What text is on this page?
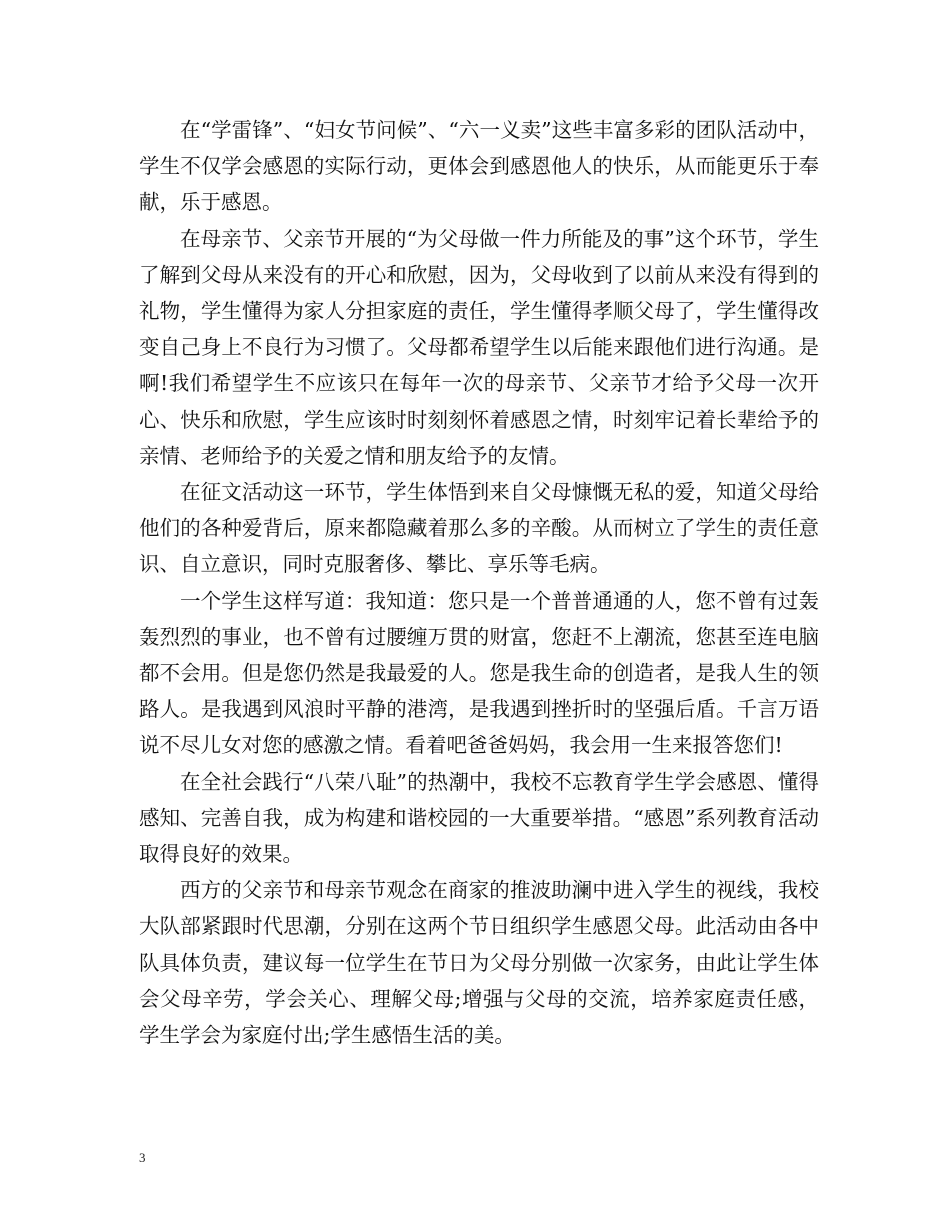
在“学雷锋”、“妇女节问候”、“六一义卖”这些丰富多彩的团队活动中，学生不仅学会感恩的实际行动，更体会到感恩他人的快乐，从而能更乐于奉献，乐于感恩。

在母亲节、父亲节开展的“为父母做一件力所能及的事”这个环节，学生了解到父母从来没有的开心和欣慰，因为，父母收到了以前从来没有得到的礼物，学生懂得为家人分担家庭的责任，学生懂得孝顺父母了，学生懂得改变自己身上不良行为习惯了。父母都希望学生以后能来跟他们进行沟通。是啊!我们希望学生不应该只在每年一次的母亲节、父亲节才给予父母一次开心、快乐和欣慰，学生应该时时刻刻怀着感恩之情，时刻牢记着长辈给予的亲情、老师给予的关爱之情和朋友给予的友情。

在征文活动这一环节，学生体悟到来自父母慷慨无私的爱，知道父母给他们的各种爱背后，原来都隐藏着那么多的辛酸。从而树立了学生的责任意识、自立意识，同时克服奢侈、攀比、享乐等毛病。

一个学生这样写道：我知道：您只是一个普普通通的人，您不曾有过轰轰烈烈的事业，也不曾有过腰缠万贯的财富，您赶不上潮流，您甚至连电脑都不会用。但是您仍然是我最爱的人。您是我生命的创造者，是我人生的领路人。是我遇到风浪时平静的港湾，是我遇到挫折时的坚强后盾。千言万语说不尽儿女对您的感激之情。看着吧爸爸妈妈，我会用一生来报答您们!

在全社会践行“八荣八耻”的热潮中，我校不忘教育学生学会感恩、懂得感知、完善自我，成为构建和谐校园的一大重要举措。“感恩”系列教育活动取得良好的效果。

西方的父亲节和母亲节观念在商家的推波助澜中进入学生的视线，我校大队部紧跟时代思潮，分别在这两个节日组织学生感恩父母。此活动由各中队具体负责，建议每一位学生在节日为父母分别做一次家务，由此让学生体会父母辛劳，学会关心、理解父母;增强与父母的交流，培养家庭责任感，学生学会为家庭付出;学生感悟生活的美。

3
